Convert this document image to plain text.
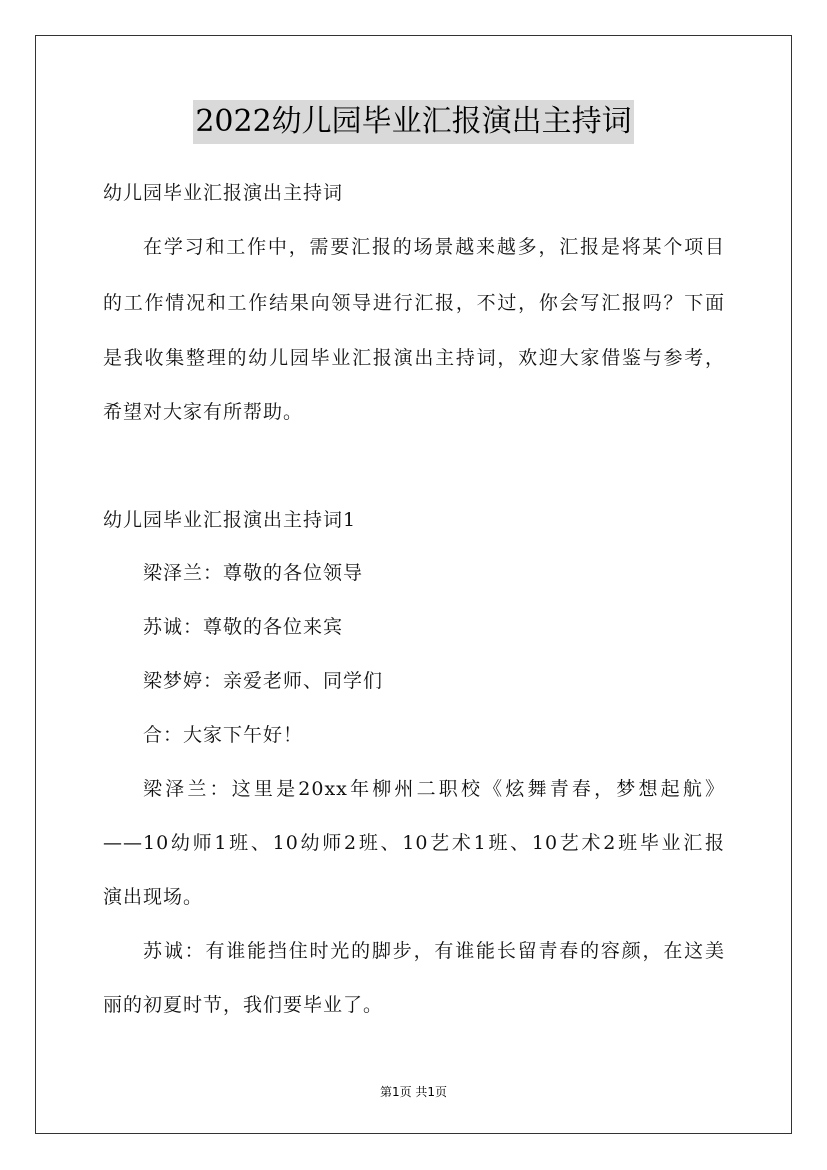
2022幼儿园毕业汇报演出主持词
幼儿园毕业汇报演出主持词
在学习和工作中，需要汇报的场景越来越多，汇报是将某个项目
的工作情况和工作结果向领导进行汇报，不过，你会写汇报吗？下面
是我收集整理的幼儿园毕业汇报演出主持词，欢迎大家借鉴与参考，
希望对大家有所帮助。
幼儿园毕业汇报演出主持词1
梁泽兰：尊敬的各位领导
苏诚：尊敬的各位来宾
梁梦婷：亲爱老师、同学们
合：大家下午好！
梁泽兰：这里是20xx年柳州二职校《炫舞青春，梦想起航》
——10幼师1班、10幼师2班、10艺术1班、10艺术2班毕业汇报
演出现场。
苏诚：有谁能挡住时光的脚步，有谁能长留青春的容颜，在这美
丽的初夏时节，我们要毕业了。
第1页 共1页
